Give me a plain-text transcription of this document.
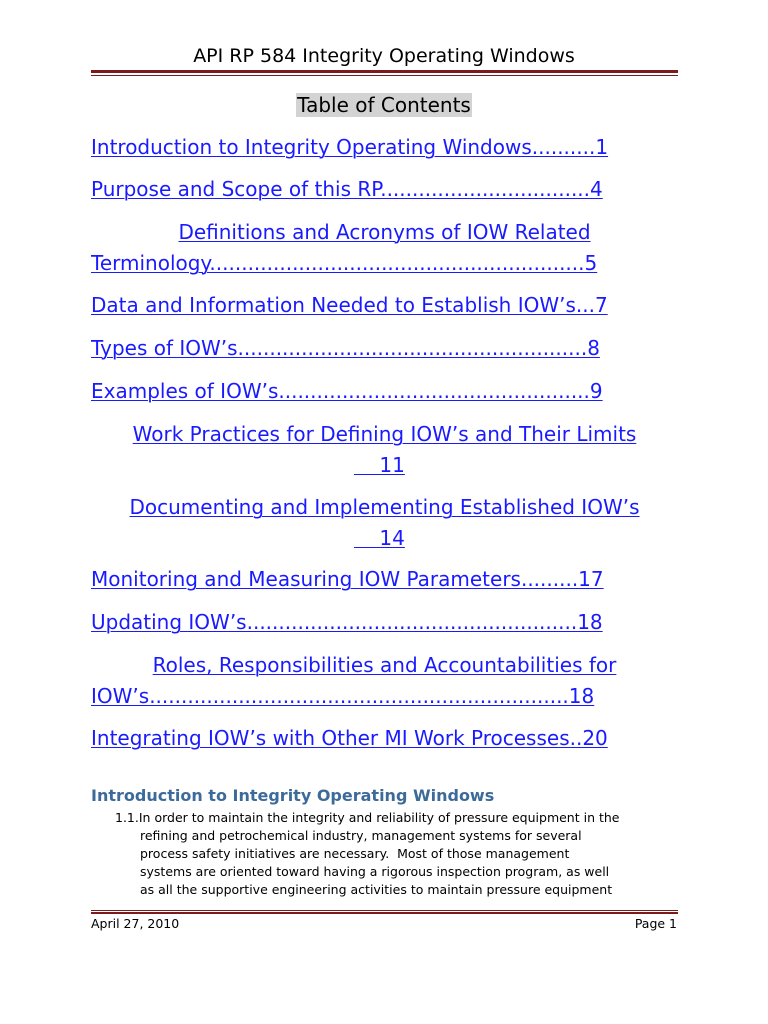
API RP 584 Integrity Operating Windows
Table of Contents
Introduction to Integrity Operating Windows..........1
Purpose and Scope of this RP.................................4
Definitions and Acronyms of IOW Related
Terminology...........................................................5
Data and Information Needed to Establish IOW’s...7
Types of IOW’s.......................................................8
Examples of IOW’s.................................................9
Work Practices for Defining IOW’s and Their Limits
11
Documenting and Implementing Established IOW’s
14
Monitoring and Measuring IOW Parameters.........17
Updating IOW’s....................................................18
Roles, Responsibilities and Accountabilities for
IOW’s..................................................................18
Integrating IOW’s with Other MI Work Processes..20
Introduction to Integrity Operating Windows
1.1.In order to maintain the integrity and reliability of pressure equipment in the
refining and petrochemical industry, management systems for several
process safety initiatives are necessary.  Most of those management
systems are oriented toward having a rigorous inspection program, as well
as all the supportive engineering activities to maintain pressure equipment
April 27, 2010	Page 1
